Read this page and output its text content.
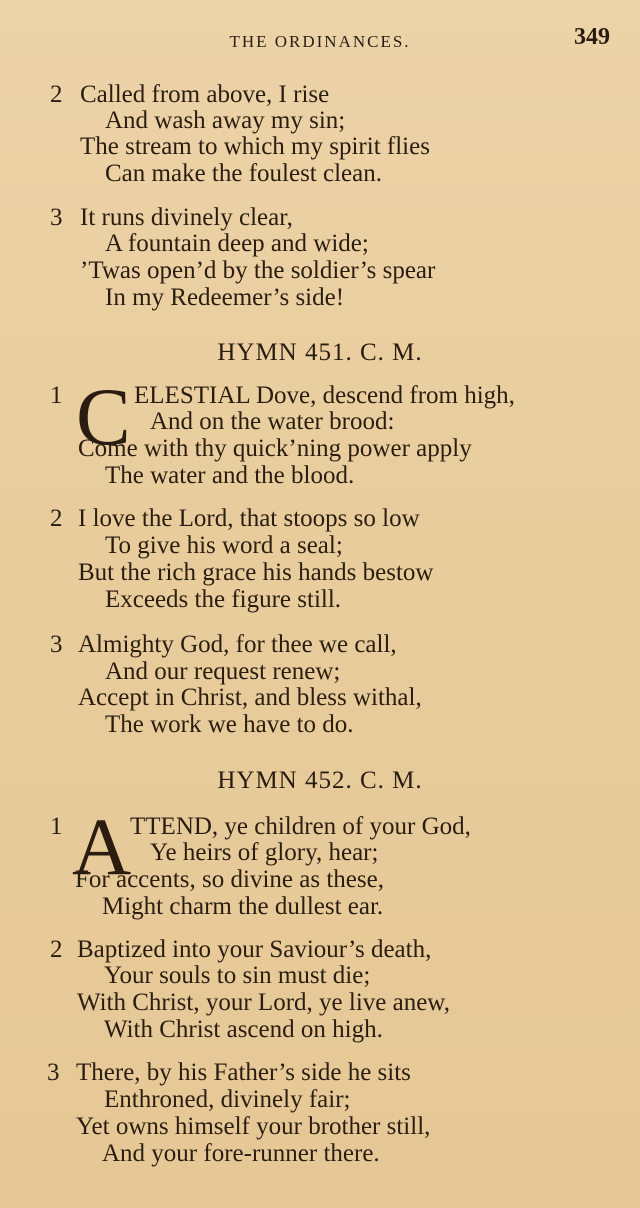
THE ORDINANCES.	349
2 Called from above, I rise
And wash away my sin;
The stream to which my spirit flies
Can make the foulest clean.
3 It runs divinely clear,
A fountain deep and wide;
’Twas open’d by the soldier’s spear
In my Redeemer’s side!
HYMN 451. C. M.
1 C ELESTIAL Dove, descend from high,
And on the water brood:
Come with thy quick’ning power apply
The water and the blood.
2 I love the Lord, that stoops so low
To give his word a seal;
But the rich grace his hands bestow
Exceeds the figure still.
3 Almighty God, for thee we call,
And our request renew;
Accept in Christ, and bless withal,
The work we have to do.
HYMN 452. C. M.
1 A
TTEND, ye children of your God,
Ye heirs of glory, hear;
For accents, so divine as these,
Might charm the dullest ear.
2 Baptized into your Saviour’s death,
Your souls to sin must die;
With Christ, your Lord, ye live anew,
With Christ ascend on high.
3 There, by his Father’s side he sits
Enthroned, divinely fair;
Yet owns himself your brother still,
And your fore-runner there.
